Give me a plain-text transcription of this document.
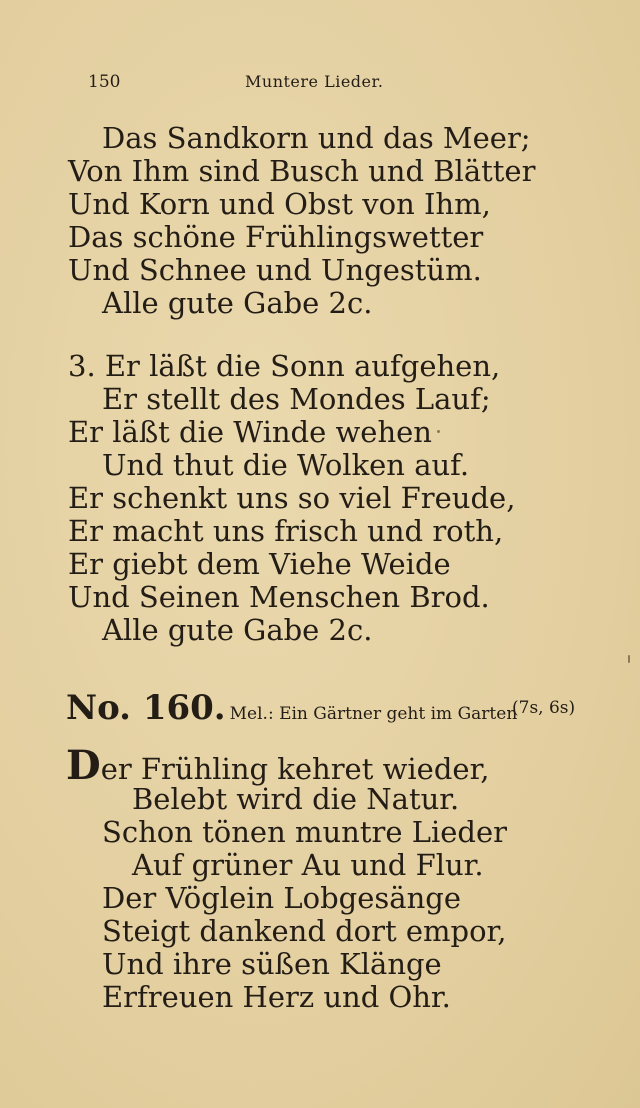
150	Muntere Lieder.
Das Sandkorn und das Meer;
Von Ihm sind Busch und Blätter
Und Korn und Obst von Ihm,
Das schöne Frühlingswetter
Und Schnee und Ungestüm.
Alle gute Gabe 2c.
3. Er läßt die Sonn aufgehen,
Er stellt des Mondes Lauf;
Er läßt die Winde wehen
Und thut die Wolken auf.
Er schenkt uns so viel Freude,
Er macht uns frisch und roth,
Er giebt dem Viehe Weide
Und Seinen Menschen Brod.
Alle gute Gabe 2c.
No. 160. Mel.: Ein Gärtner geht im Garten
(7s, 6s)
Der Frühling kehret wieder,
Belebt wird die Natur.
Schon tönen muntre Lieder
Auf grüner Au und Flur.
Der Vöglein Lobgesänge
Steigt dankend dort empor,
Und ihre süßen Klänge
Erfreuen Herz und Ohr.
